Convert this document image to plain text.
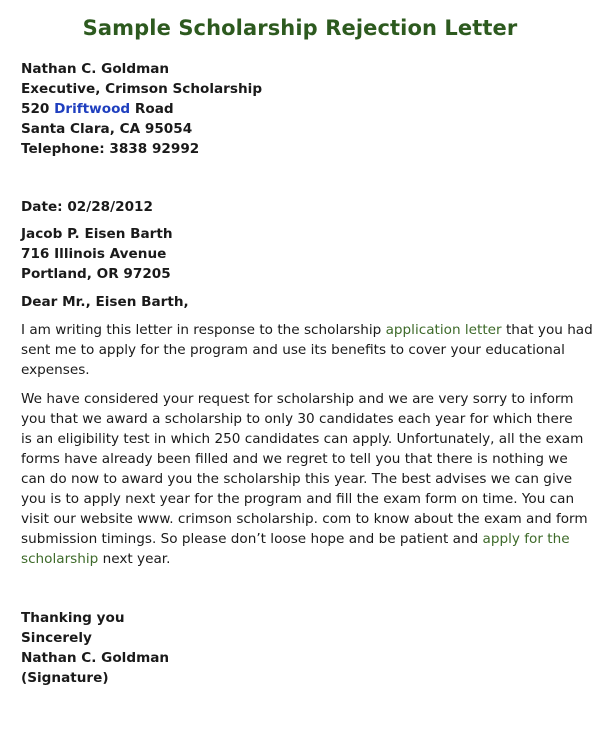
Sample Scholarship Rejection Letter
Nathan C. Goldman
Executive, Crimson Scholarship
520 Driftwood Road
Santa Clara, CA 95054
Telephone: 3838 92992
Date: 02/28/2012
Jacob P. Eisen Barth
716 Illinois Avenue
Portland, OR 97205
Dear Mr., Eisen Barth,
I am writing this letter in response to the scholarship application letter that you had
sent me to apply for the program and use its benefits to cover your educational
expenses.
We have considered your request for scholarship and we are very sorry to inform
you that we award a scholarship to only 30 candidates each year for which there
is an eligibility test in which 250 candidates can apply. Unfortunately, all the exam
forms have already been filled and we regret to tell you that there is nothing we
can do now to award you the scholarship this year. The best advises we can give
you is to apply next year for the program and fill the exam form on time. You can
visit our website www. crimson scholarship. com to know about the exam and form
submission timings. So please don’t loose hope and be patient and apply for the
scholarship next year.
Thanking you
Sincerely
Nathan C. Goldman
(Signature)
